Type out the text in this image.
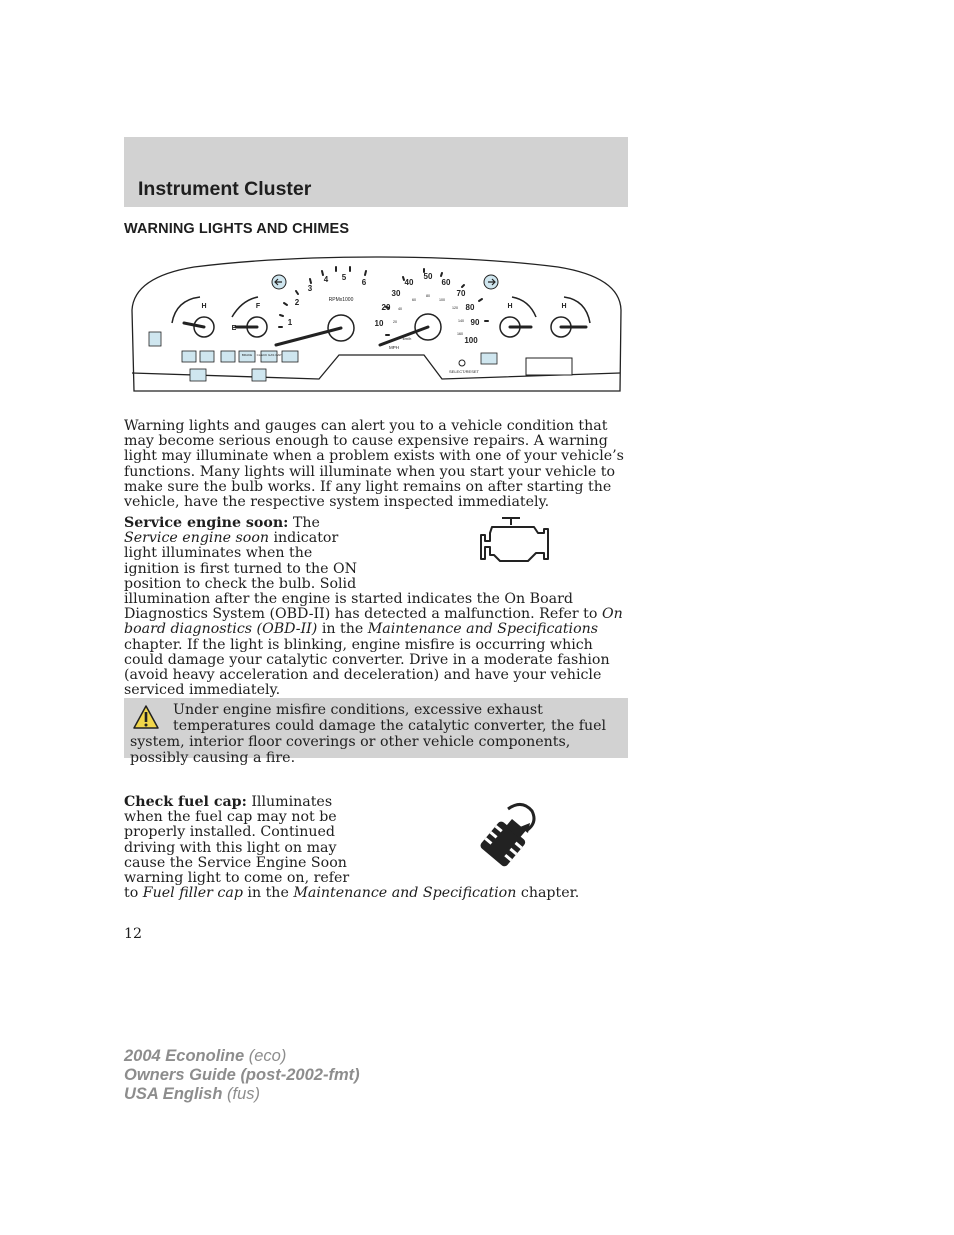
Instrument Cluster
WARNING LIGHTS AND CHIMES
1
2
3
4 5
6
RPMx1000
10
20
30
40
50
60
70
80
90
100
20
40
60
80
100
120
140
160
km/h
MPH
H
E
F	H	H
SELECT/RESET
BRAKE CHECK GAS CAP
Warning lights and gauges can alert you to a vehicle condition that may become serious enough to cause expensive repairs. A warning light may illuminate when a problem exists with one of your vehicle’s functions. Many lights will illuminate when you start your vehicle to make sure the bulb works. If any light remains on after starting the vehicle, have the respective system inspected immediately.
Service engine soon: The Service engine soon indicator light illuminates when the ignition is first turned to the ON position to check the bulb. Solid illumination after the engine is started indicates the On Board Diagnostics System (OBD-II) has detected a malfunction. Refer to On board diagnostics (OBD-II) in the Maintenance and Specifications chapter. If the light is blinking, engine misfire is occurring which could damage your catalytic converter. Drive in a moderate fashion (avoid heavy acceleration and deceleration) and have your vehicle serviced immediately.
Under engine misfire conditions, excessive exhaust temperatures could damage the catalytic converter, the fuel system, interior floor coverings or other vehicle components, possibly causing a fire.
Check fuel cap: Illuminates when the fuel cap may not be properly installed. Continued driving with this light on may cause the Service Engine Soon warning light to come on, refer to Fuel filler cap in the Maintenance and Specification chapter.
12
2004 Econoline (eco)
Owners Guide (post-2002-fmt)
USA English (fus)
